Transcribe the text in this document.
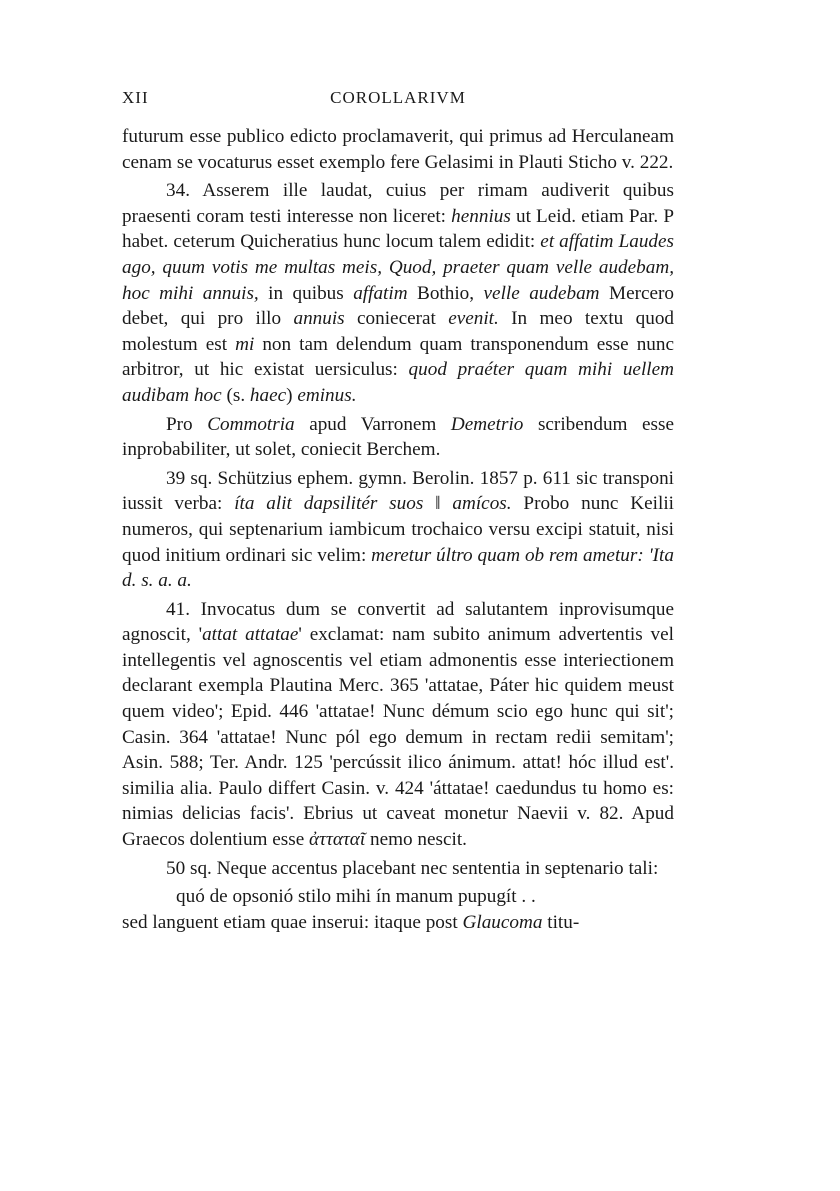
XII	COROLLARIVM

futurum esse publico edicto proclamaverit, qui primus ad Herculaneam cenam se vocaturus esset exemplo fere Gelasimi in Plauti Sticho v. 222.

34. Asserem ille laudat, cuius per rimam audiverit quibus praesenti coram testi interesse non liceret: hennius ut Leid. etiam Par. P habet. ceterum Quicheratius hunc locum talem edidit: et affatim Laudes ago, quum votis me multas meis, Quod, praeter quam velle audebam, hoc mihi annuis, in quibus affatim Bothio, velle audebam Mercero debet, qui pro illo annuis coniecerat evenit. In meo textu quod molestum est mi non tam delendum quam transponendum esse nunc arbitror, ut hic existat uersiculus: quod praéter quam mihi uellem audibam hoc (s. haec) eminus.

Pro Commotria apud Varronem Demetrio scribendum esse inprobabiliter, ut solet, coniecit Berchem.

39 sq. Schützius ephem. gymn. Berolin. 1857 p. 611 sic transponi iussit verba: íta alit dapsilitér suos ‖ amícos. Probo nunc Keilii numeros, qui septenarium iambicum trochaico versu excipi statuit, nisi quod initium ordinari sic velim: meretur últro quam ob rem ametur: 'Ita d. s. a. a.

41. Invocatus dum se convertit ad salutantem inprovisumque agnoscit, 'attat attatae' exclamat: nam subito animum advertentis vel intellegentis vel agnoscentis vel etiam admonentis esse interiectionem declarant exempla Plautina Merc. 365 'attatae, Páter hic quidem meust quem video'; Epid. 446 'attatae! Nunc démum scio ego hunc qui sit'; Casin. 364 'attatae! Nunc pól ego demum in rectam redii semitam'; Asin. 588; Ter. Andr. 125 'percússit ilico ánimum. attat! hóc illud est'. similia alia. Paulo differt Casin. v. 424 'áttatae! caedundus tu homo es: nimias delicias facis'. Ebrius ut caveat monetur Naevii v. 82. Apud Graecos dolentium esse ἀτταταῖ nemo nescit.

50 sq. Neque accentus placebant nec sententia in septenario tali:

quó de opsonió stilo mihi ín manum pupugít . .

sed languent etiam quae inserui: itaque post Glaucoma titu-
